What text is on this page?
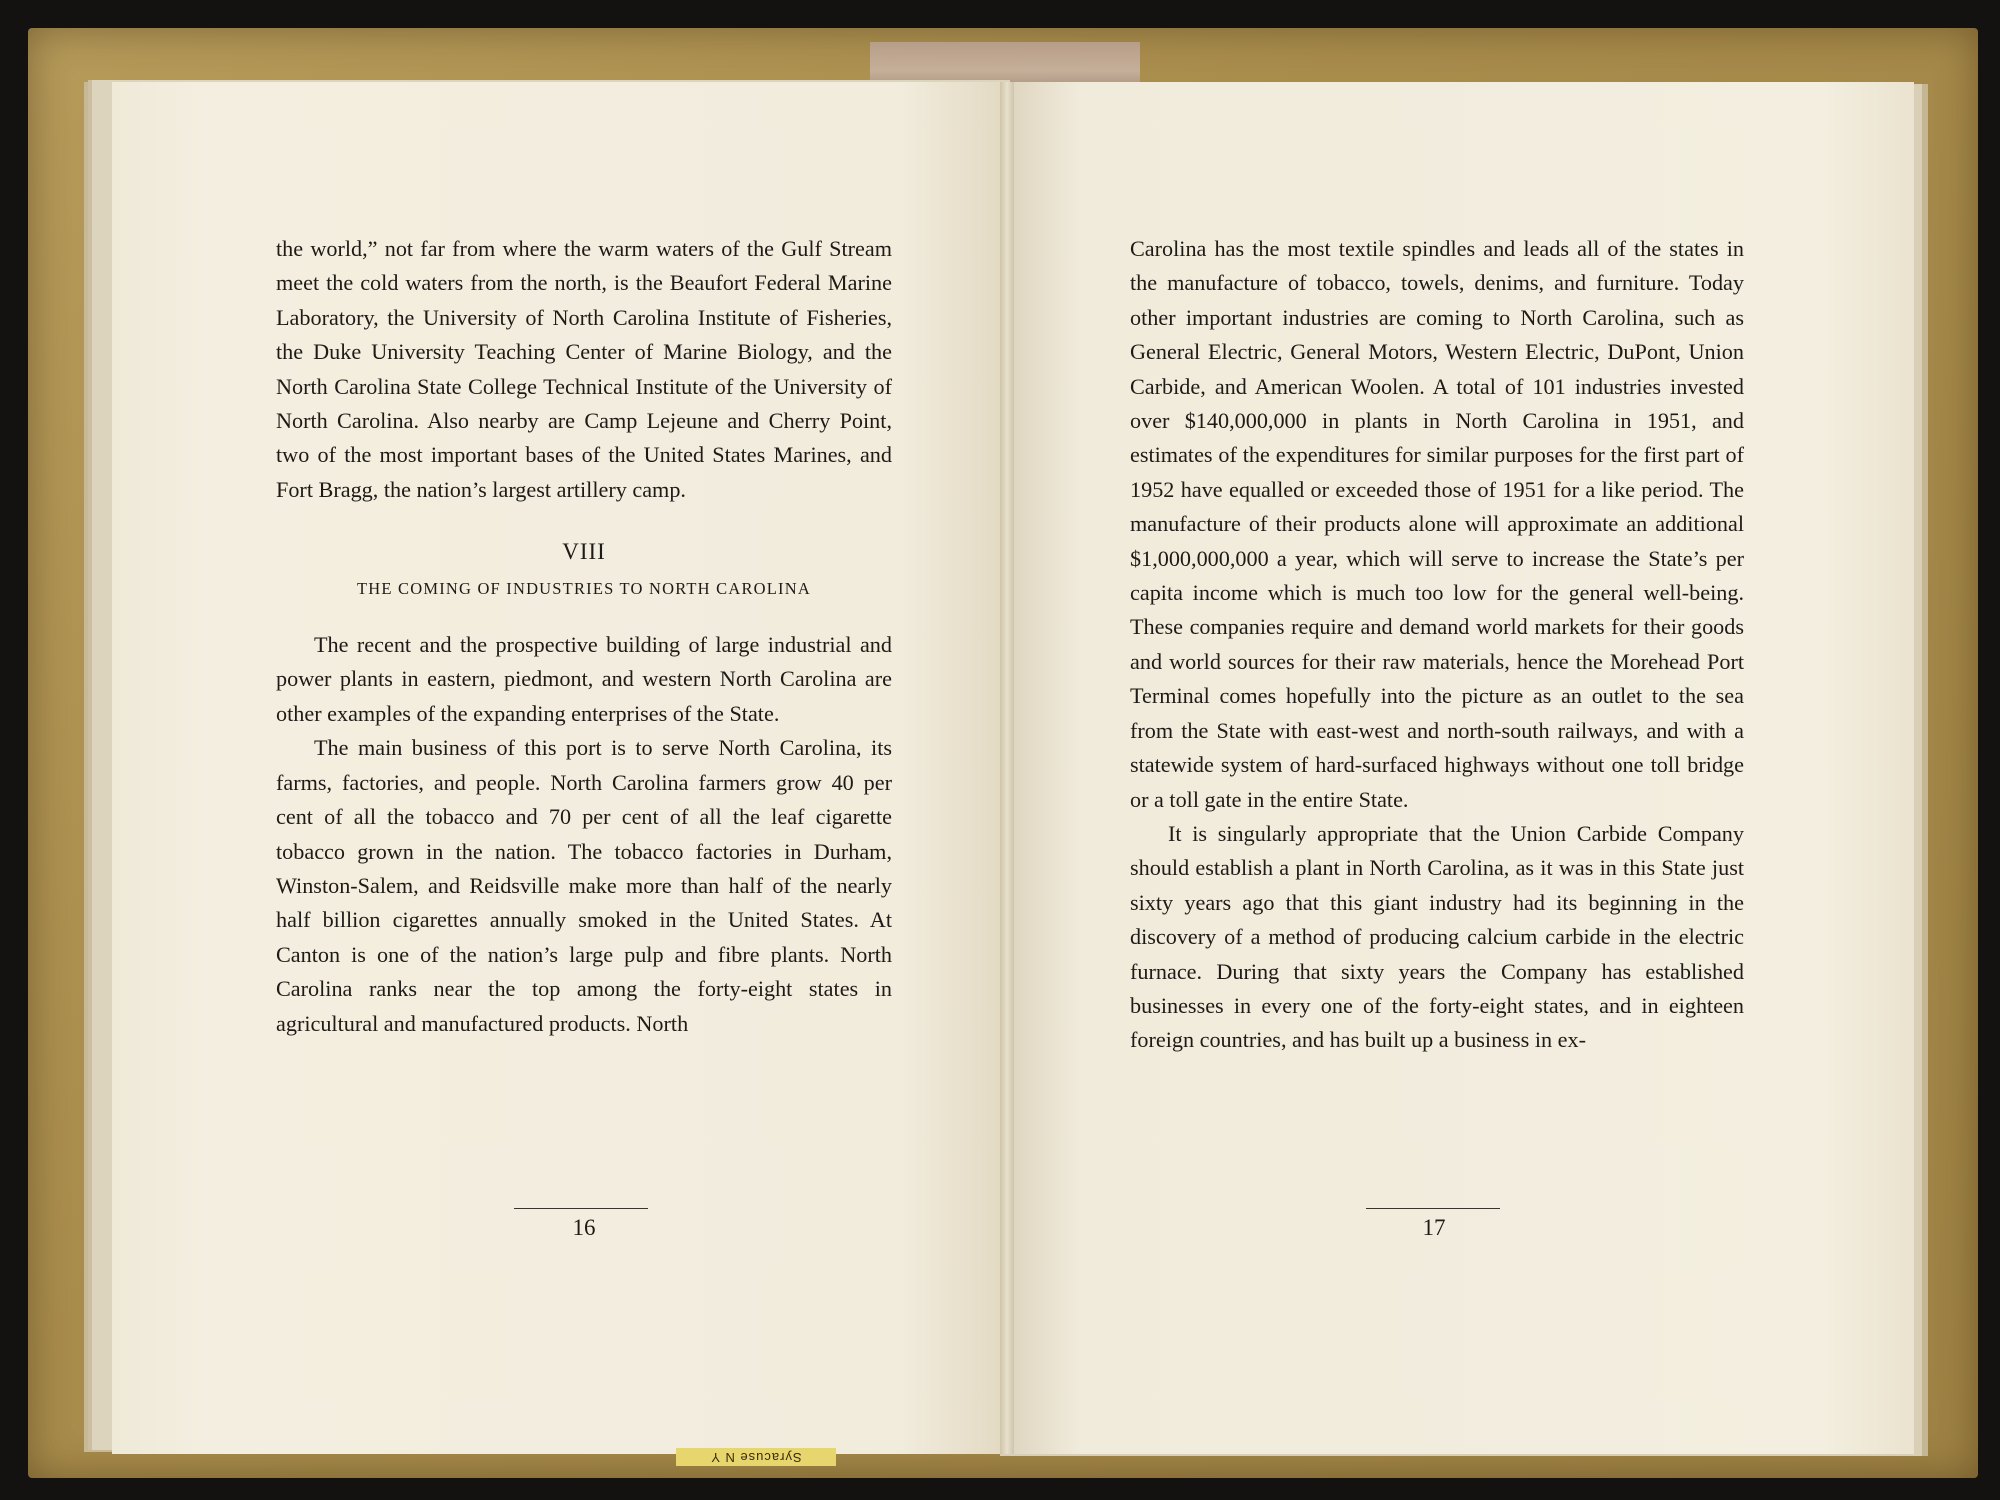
the world,” not far from where the warm waters of the Gulf Stream meet the cold waters from the north, is the Beaufort Federal Marine Laboratory, the University of North Carolina Institute of Fisheries, the Duke University Teaching Center of Marine Biology, and the North Carolina State College Technical Institute of the University of North Carolina. Also nearby are Camp Lejeune and Cherry Point, two of the most important bases of the United States Marines, and Fort Bragg, the nation’s largest artillery camp.

VIII
THE COMING OF INDUSTRIES TO NORTH CAROLINA

The recent and the prospective building of large industrial and power plants in eastern, piedmont, and western North Carolina are other examples of the expanding enterprises of the State.

The main business of this port is to serve North Carolina, its farms, factories, and people. North Carolina farmers grow 40 per cent of all the tobacco and 70 per cent of all the leaf cigarette tobacco grown in the nation. The tobacco factories in Durham, Winston-Salem, and Reidsville make more than half of the nearly half billion cigarettes annually smoked in the United States. At Canton is one of the nation’s large pulp and fibre plants. North Carolina ranks near the top among the forty-eight states in agricultural and manufactured products. North

16

Carolina has the most textile spindles and leads all of the states in the manufacture of tobacco, towels, denims, and furniture. Today other important industries are coming to North Carolina, such as General Electric, General Motors, Western Electric, DuPont, Union Carbide, and American Woolen. A total of 101 industries invested over $140,000,000 in plants in North Carolina in 1951, and estimates of the expenditures for similar purposes for the first part of 1952 have equalled or exceeded those of 1951 for a like period. The manufacture of their products alone will approximate an additional $1,000,000,000 a year, which will serve to increase the State’s per capita income which is much too low for the general well-being. These companies require and demand world markets for their goods and world sources for their raw materials, hence the Morehead Port Terminal comes hopefully into the picture as an outlet to the sea from the State with east-west and north-south railways, and with a statewide system of hard-surfaced highways without one toll bridge or a toll gate in the entire State.

It is singularly appropriate that the Union Carbide Company should establish a plant in North Carolina, as it was in this State just sixty years ago that this giant industry had its beginning in the discovery of a method of producing calcium carbide in the electric furnace. During that sixty years the Company has established businesses in every one of the forty-eight states, and in eighteen foreign countries, and has built up a business in ex-

17
Syracuse N Y
